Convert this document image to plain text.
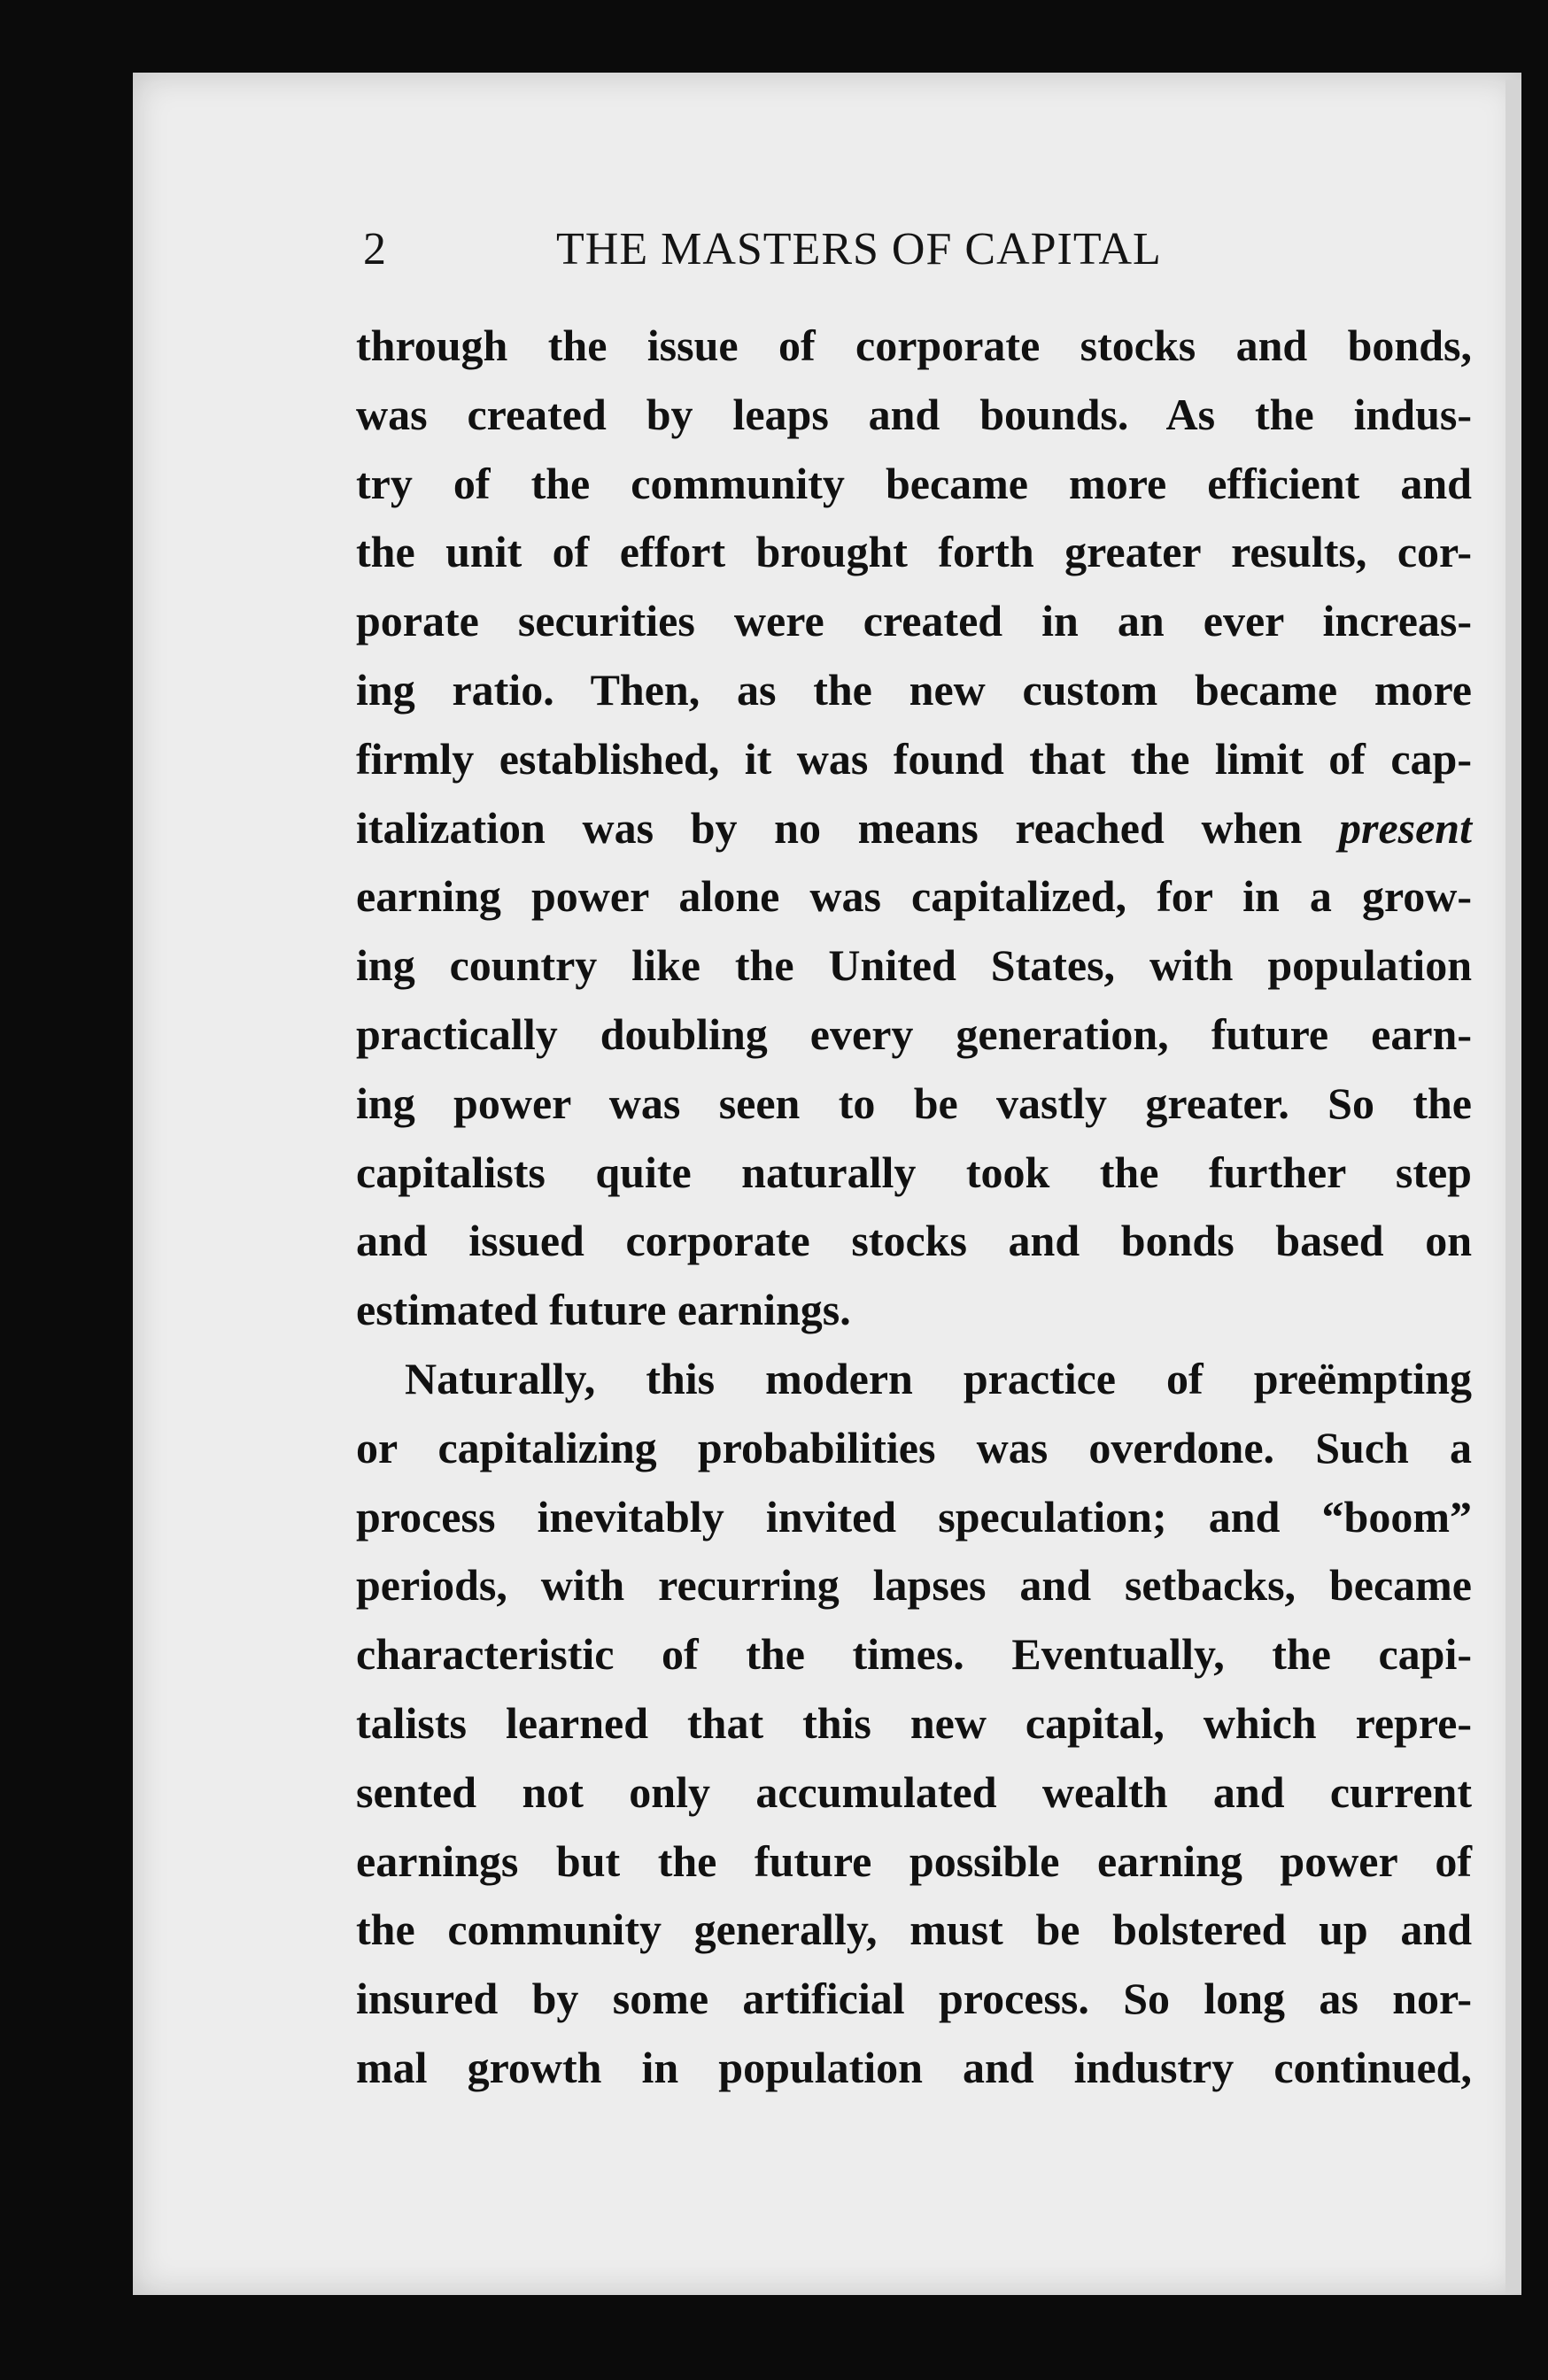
2	THE MASTERS OF CAPITAL
through the issue of corporate stocks and bonds,
was created by leaps and bounds. As the indus-
try of the community became more efficient and
the unit of effort brought forth greater results, cor-
porate securities were created in an ever increas-
ing ratio. Then, as the new custom became more
firmly established, it was found that the limit of cap-
italization was by no means reached when present
earning power alone was capitalized, for in a grow-
ing country like the United States, with population
practically doubling every generation, future earn-
ing power was seen to be vastly greater. So the
capitalists quite naturally took the further step
and issued corporate stocks and bonds based on
estimated future earnings.
Naturally, this modern practice of preëmpting
or capitalizing probabilities was overdone. Such a
process inevitably invited speculation; and “boom”
periods, with recurring lapses and setbacks, became
characteristic of the times. Eventually, the capi-
talists learned that this new capital, which repre-
sented not only accumulated wealth and current
earnings but the future possible earning power of
the community generally, must be bolstered up and
insured by some artificial process. So long as nor-
mal growth in population and industry continued,
